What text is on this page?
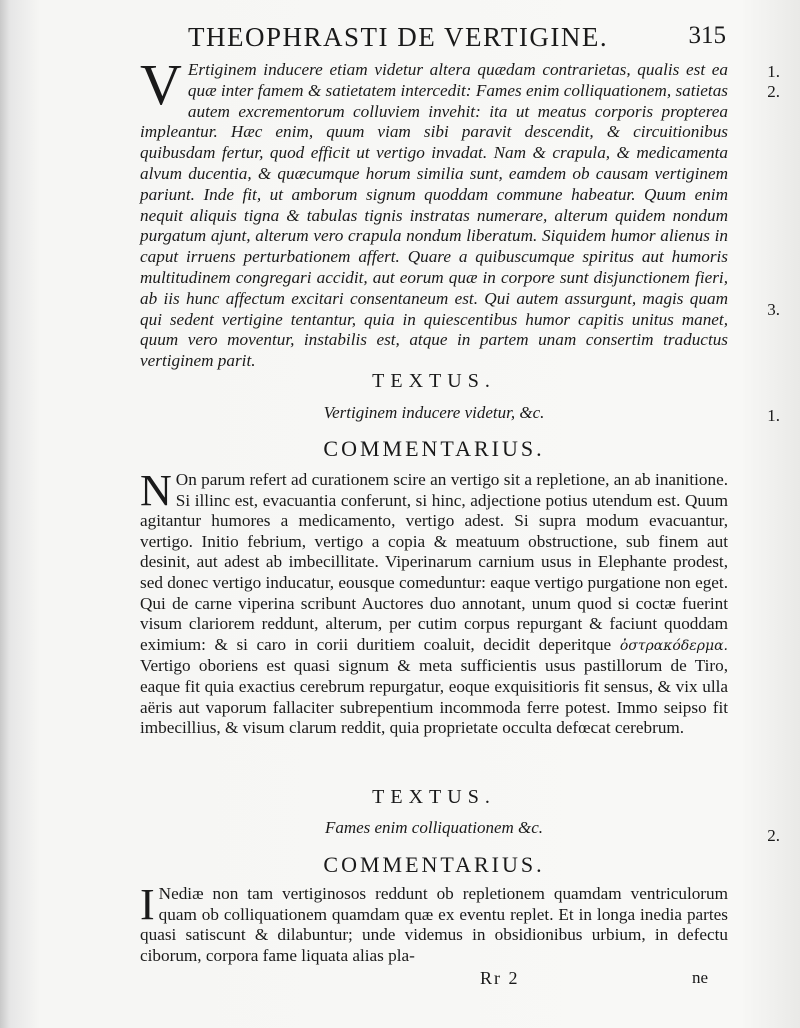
THEOPHRASTI DE VERTIGINE.	315
V Ertiginem inducere etiam videtur altera quædam contrarietas, qualis est ea quæ inter famem & satietatem intercedit: Fames enim colliquationem, satietas autem excrementorum colluviem invehit: ita ut meatus corporis propterea impleantur. Hæc enim, quum viam sibi paravit descendit, & circuitionibus quibusdam fertur, quod efficit ut vertigo invadat. Nam & crapula, & medicamenta alvum ducentia, & quæcumque horum similia sunt, eamdem ob causam vertiginem pariunt. Inde fit, ut amborum signum quoddam commune habeatur. Quum enim nequit aliquis tigna & tabulas tignis instratas numerare, alterum quidem nondum purgatum ajunt, alterum vero crapula nondum liberatum. Siquidem humor alienus in caput irruens perturbationem affert. Quare a quibuscumque spiritus aut humoris multitudinem congregari accidit, aut eorum quæ in corpore sunt disjunctionem fieri, ab iis hunc affectum excitari consentaneum est. Qui autem assurgunt, magis quam qui sedent vertigine tentantur, quia in quiescentibus humor capitis unitus manet, quum vero moventur, instabilis est, atque in partem unam consertim traductus vertiginem parit.
1.
2.
3.
1.
2.
TEXTUS.
Vertiginem inducere videtur, &c.
COMMENTARIUS.
N On parum refert ad curationem scire an vertigo sit a repletione, an ab inanitione. Si illinc est, evacuantia conferunt, si hinc, adjectione potius utendum est. Quum agitantur humores a medicamento, vertigo adest. Si supra modum evacuantur, vertigo. Initio febrium, vertigo a copia & meatuum obstructione, sub finem aut desinit, aut adest ab imbecillitate. Viperinarum carnium usus in Elephante prodest, sed donec vertigo inducatur, eousque comeduntur: eaque vertigo purgatione non eget. Qui de carne viperina scribunt Auctores duo annotant, unum quod si coctæ fuerint visum clariorem reddunt, alterum, per cutim corpus repurgant & faciunt quoddam eximium: & si caro in corii duritiem coaluit, decidit deperitque ὀστρακόδερμα. Vertigo oboriens est quasi signum & meta sufficientis usus pastillorum de Tiro, eaque fit quia exactius cerebrum repurgatur, eoque exquisitioris fit sensus, & vix ulla aëris aut vaporum fallaciter subrepentium incommoda ferre potest. Immo seipso fit imbecillius, & visum clarum reddit, quia proprietate occulta defœcat cerebrum.
TEXTUS.
Fames enim colliquationem &c.
COMMENTARIUS.
I Nediæ non tam vertiginosos reddunt ob repletionem quamdam ventriculorum quam ob colliquationem quamdam quæ ex eventu replet. Et in longa inedia partes quasi satiscunt & dilabuntur; unde videmus in obsidionibus urbium, in defectu ciborum, corpora fame liquata alias pla-
Rr 2	ne
